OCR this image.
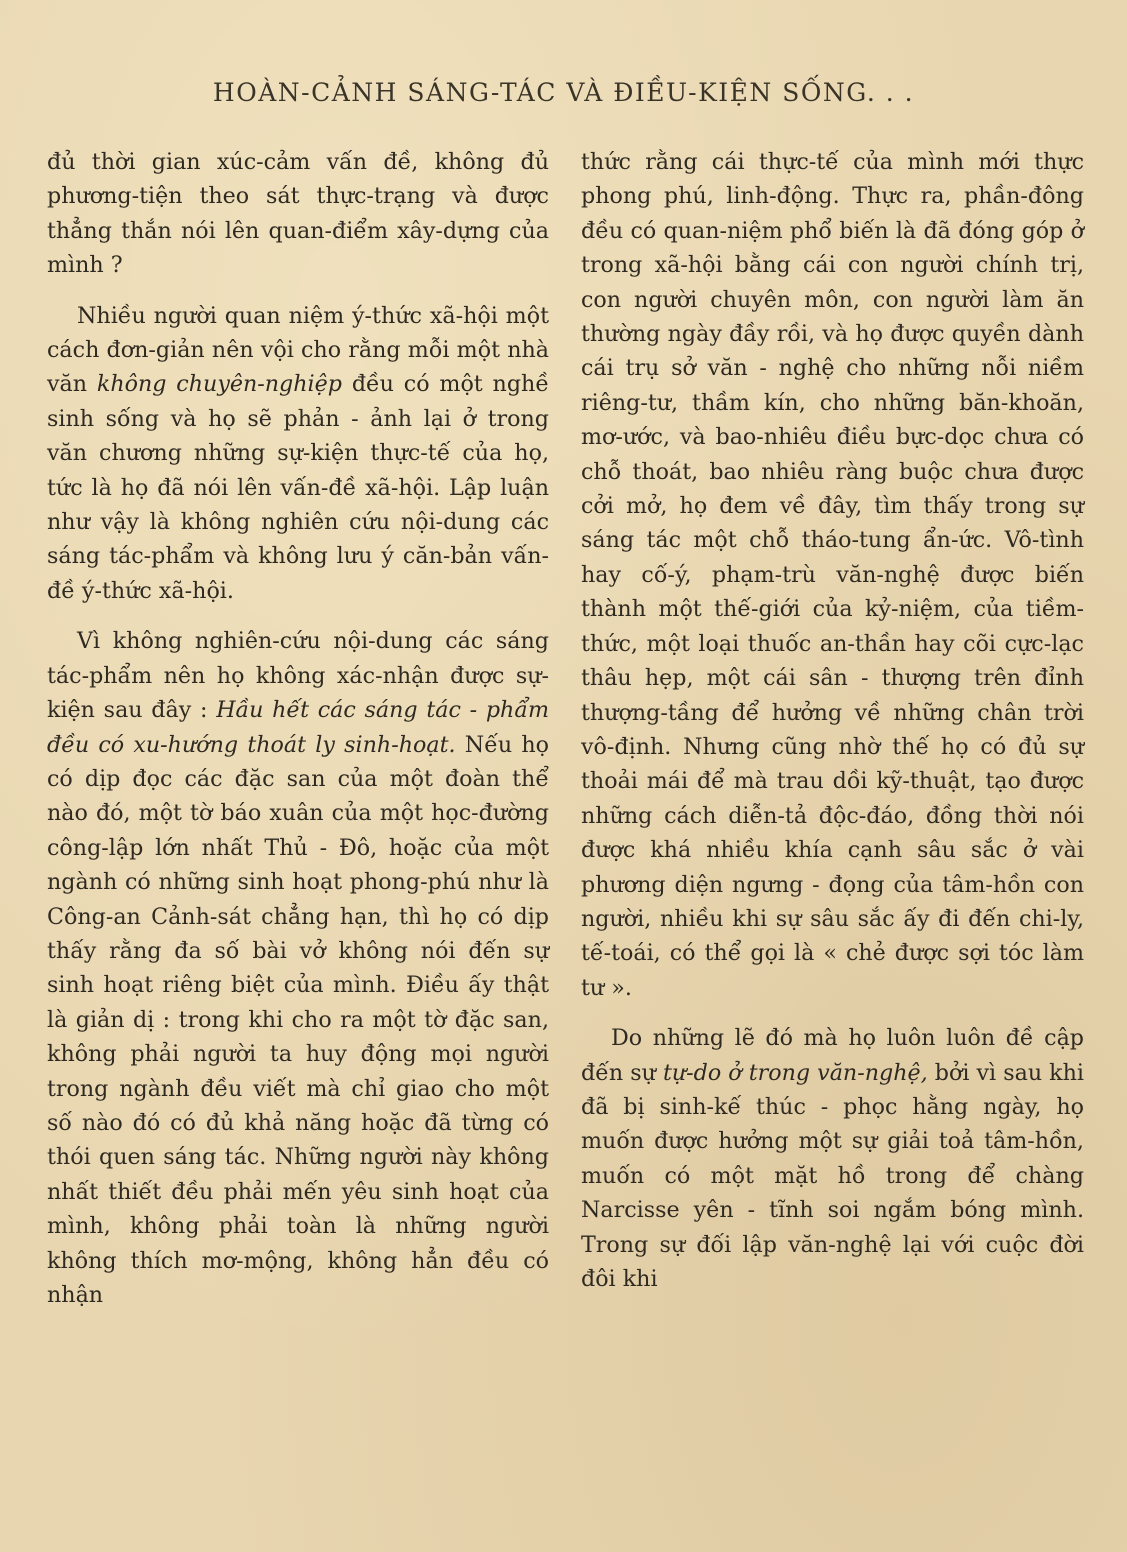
HOÀN-CẢNH SÁNG-TÁC VÀ ĐIỀU-KIỆN SỐNG. . .

đủ thời gian xúc-cảm vấn đề, không đủ phương-tiện theo sát thực-trạng và được thẳng thắn nói lên quan-điểm xây-dựng của mình ?

Nhiều người quan niệm ý-thức xã-hội một cách đơn-giản nên vội cho rằng mỗi một nhà văn không chuyên-nghiệp đều có một nghề sinh sống và họ sẽ phản - ảnh lại ở trong văn chương những sự-kiện thực-tế của họ, tức là họ đã nói lên vấn-đề xã-hội. Lập luận như vậy là không nghiên cứu nội-dung các sáng tác-phẩm và không lưu ý căn-bản vấn-đề ý-thức xã-hội.

Vì không nghiên-cứu nội-dung các sáng tác-phẩm nên họ không xác-nhận được sự-kiện sau đây : Hầu hết các sáng tác - phẩm đều có xu-hướng thoát ly sinh-hoạt. Nếu họ có dịp đọc các đặc san của một đoàn thể nào đó, một tờ báo xuân của một học-đường công-lập lớn nhất Thủ - Đô, hoặc của một ngành có những sinh hoạt phong-phú như là Công-an Cảnh-sát chẳng hạn, thì họ có dịp thấy rằng đa số bài vở không nói đến sự sinh hoạt riêng biệt của mình. Điều ấy thật là giản dị : trong khi cho ra một tờ đặc san, không phải người ta huy động mọi người trong ngành đều viết mà chỉ giao cho một số nào đó có đủ khả năng hoặc đã từng có thói quen sáng tác. Những người này không nhất thiết đều phải mến yêu sinh hoạt của mình, không phải toàn là những người không thích mơ-mộng, không hẳn đều có nhận

thức rằng cái thực-tế của mình mới thực phong phú, linh-động. Thực ra, phần-đông đều có quan-niệm phổ biến là đã đóng góp ở trong xã-hội bằng cái con người chính trị, con người chuyên môn, con người làm ăn thường ngày đầy rồi, và họ được quyền dành cái trụ sở văn - nghệ cho những nỗi niềm riêng-tư, thầm kín, cho những băn-khoăn, mơ-ước, và bao-nhiêu điều bực-dọc chưa có chỗ thoát, bao nhiêu ràng buộc chưa được cởi mở, họ đem về đây, tìm thấy trong sự sáng tác một chỗ tháo-tung ẩn-ức. Vô-tình hay cố-ý, phạm-trù văn-nghệ được biến thành một thế-giới của kỷ-niệm, của tiềm-thức, một loại thuốc an-thần hay cõi cực-lạc thâu hẹp, một cái sân - thượng trên đỉnh thượng-tầng để hưởng về những chân trời vô-định. Nhưng cũng nhờ thế họ có đủ sự thoải mái để mà trau dồi kỹ-thuật, tạo được những cách diễn-tả độc-đáo, đồng thời nói được khá nhiều khía cạnh sâu sắc ở vài phương diện ngưng - đọng của tâm-hồn con người, nhiều khi sự sâu sắc ấy đi đến chi-ly, tế-toái, có thể gọi là « chẻ được sợi tóc làm tư ».

Do những lẽ đó mà họ luôn luôn đề cập đến sự tự-do ở trong văn-nghệ, bởi vì sau khi đã bị sinh-kế thúc - phọc hằng ngày, họ muốn được hưởng một sự giải toả tâm-hồn, muốn có một mặt hồ trong để chàng Narcisse yên - tĩnh soi ngắm bóng mình. Trong sự đối lập văn-nghệ lại với cuộc đời đôi khi
